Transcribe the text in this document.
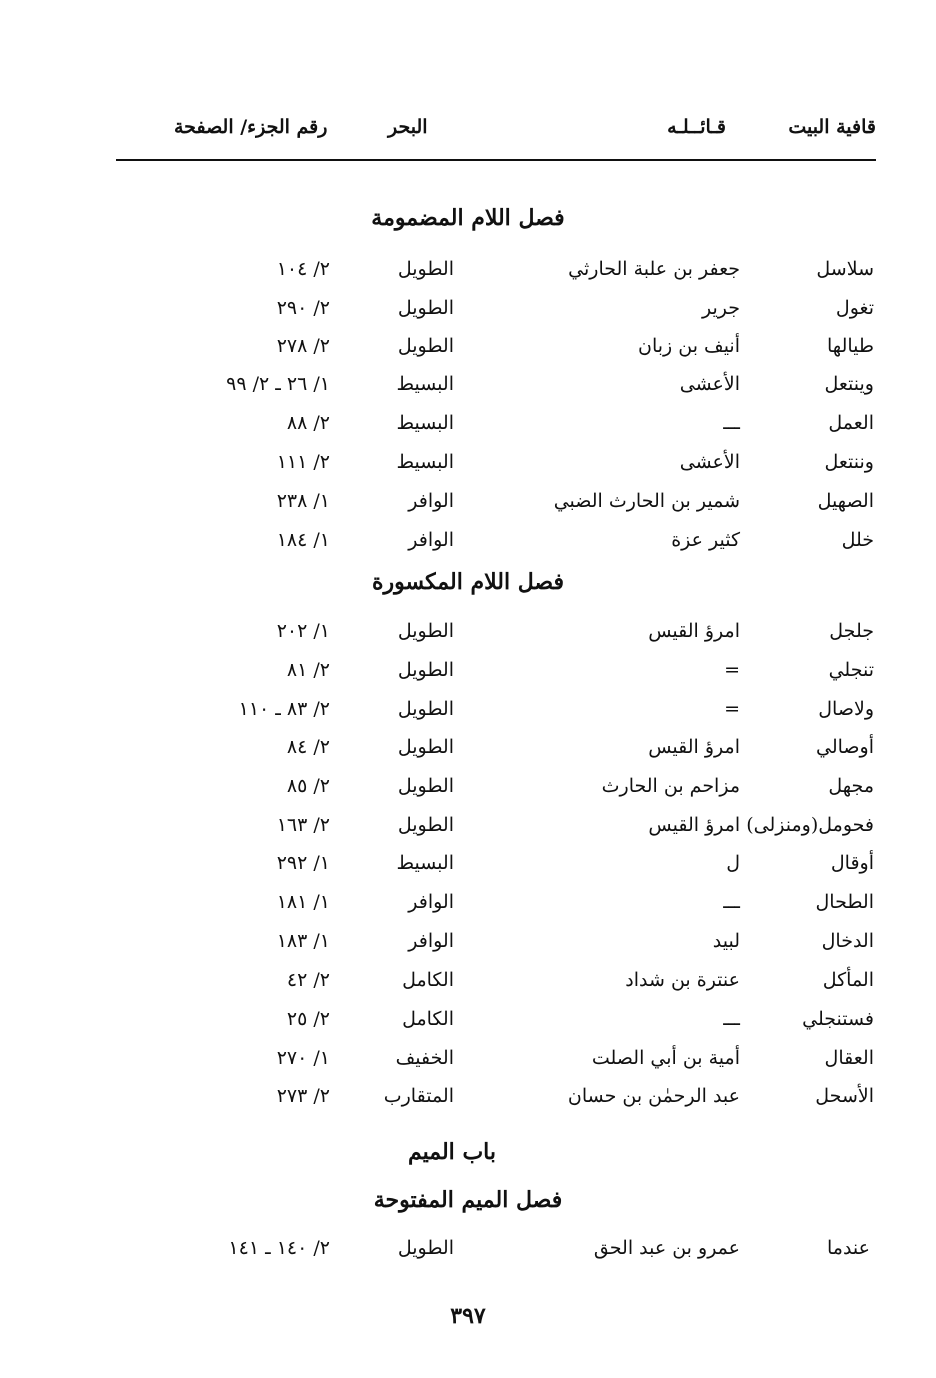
قافية البيت
قـائــلـه
البحر
رقم الجزء/ الصفحة
فصل اللام المضمومة
سلاسل
جعفر بن علبة الحارثي
الطويل
٢/ ١٠٤
تغول
جرير
الطويل
٢/ ٢٩٠
طيالها
أنيف بن زبان
الطويل
٢/ ٢٧٨
وينتعل
الأعشى
البسيط
١/ ٢٦ ـ ٢/ ٩٩
العمل
ـــ
البسيط
٢/ ٨٨
وننتعل
الأعشى
البسيط
٢/ ١١١
الصهيل
شمير بن الحارث الضبي
الوافر
١/ ٢٣٨
خلل
كثير عزة
الوافر
١/ ١٨٤
فصل اللام المكسورة
جلجل
امرؤ القيس
الطويل
١/ ٢٠٢
تنجلي
=
الطويل
٢/ ٨١
ولاصال
=
الطويل
٢/ ٨٣ ـ ١١٠
أوصالي
امرؤ القيس
الطويل
٢/ ٨٤
مجهل
مزاحم بن الحارث
الطويل
٢/ ٨٥
فحومل(ومنزلى) امرؤ القيس
الطويل
٢/ ١٦٣
أوقال
ل
البسيط
١/ ٢٩٢
الطحال
ـــ
الوافر
١/ ١٨١
الدخال
لبيد
الوافر
١/ ١٨٣
المأكل
عنترة بن شداد
الكامل
٢/ ٤٢
فستنجلي
ـــ
الكامل
٢/ ٢٥
العقال
أمية بن أبي الصلت
الخفيف
١/ ٢٧٠
الأسحل
عبد الرحمٰن بن حسان
المتقارب
٢/ ٢٧٣
باب الميم
فصل الميم المفتوحة
عندما
عمرو بن عبد الحق
الطويل
٢/ ١٤٠ ـ ١٤١
٣٩٧
